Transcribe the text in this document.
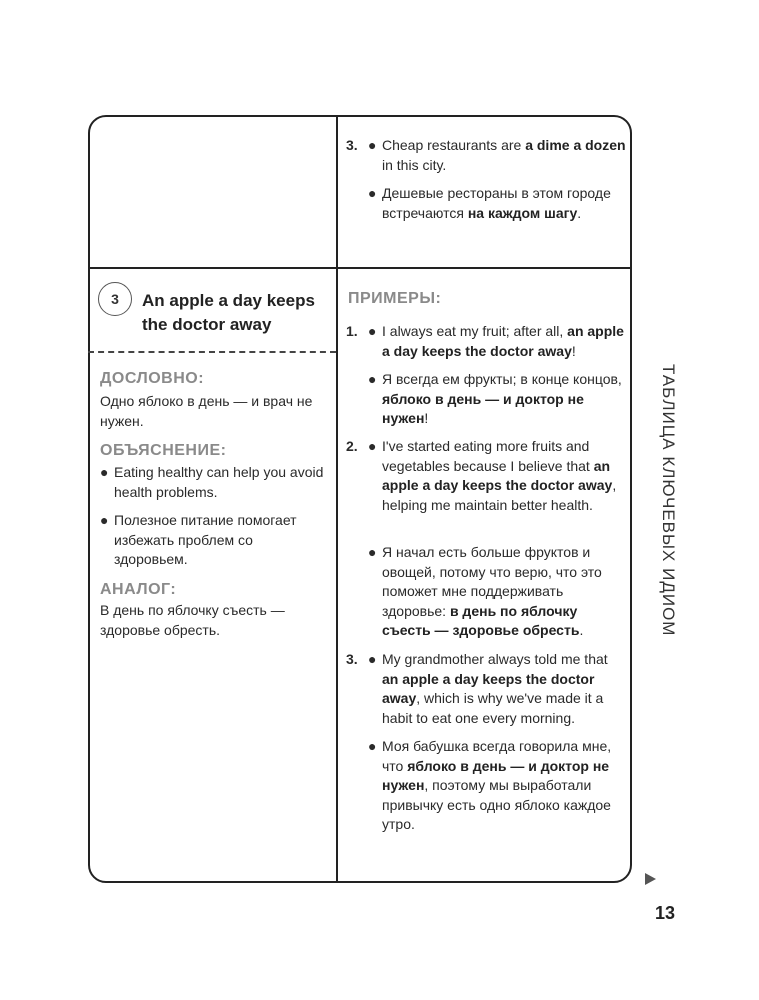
3. ● Cheap restaurants are a dime a dozen in this city.
● Дешевые рестораны в этом городе встречаются на каждом шагу.
3	An apple a day keeps the doctor away
ДОСЛОВНО:
Одно яблоко в день — и врач не нужен.
ОБЪЯСНЕНИЕ:
● Eating healthy can help you avoid health problems.
● Полезное питание помогает избежать проблем со здоровьем.
АНАЛОГ:
В день по яблочку съесть — здоровье обресть.
ПРИМЕРЫ:
1. ● I always eat my fruit; after all, an apple a day keeps the doctor away!
● Я всегда ем фрукты; в конце концов, яблоко в день — и доктор не нужен!
2. ● I've started eating more fruits and vegetables because I believe that an apple a day keeps the doctor away, helping me maintain better health.
● Я начал есть больше фруктов и овощей, потому что верю, что это поможет мне поддерживать здоровье: в день по яблочку съесть — здоровье обресть.
3. ● My grandmother always told me that an apple a day keeps the doctor away, which is why we've made it a habit to eat one every morning.
● Моя бабушка всегда говорила мне, что яблоко в день — и доктор не нужен, поэтому мы выработали привычку есть одно яблоко каждое утро.
ТАБЛИЦА КЛЮЧЕВЫХ ИДИОМ
13
